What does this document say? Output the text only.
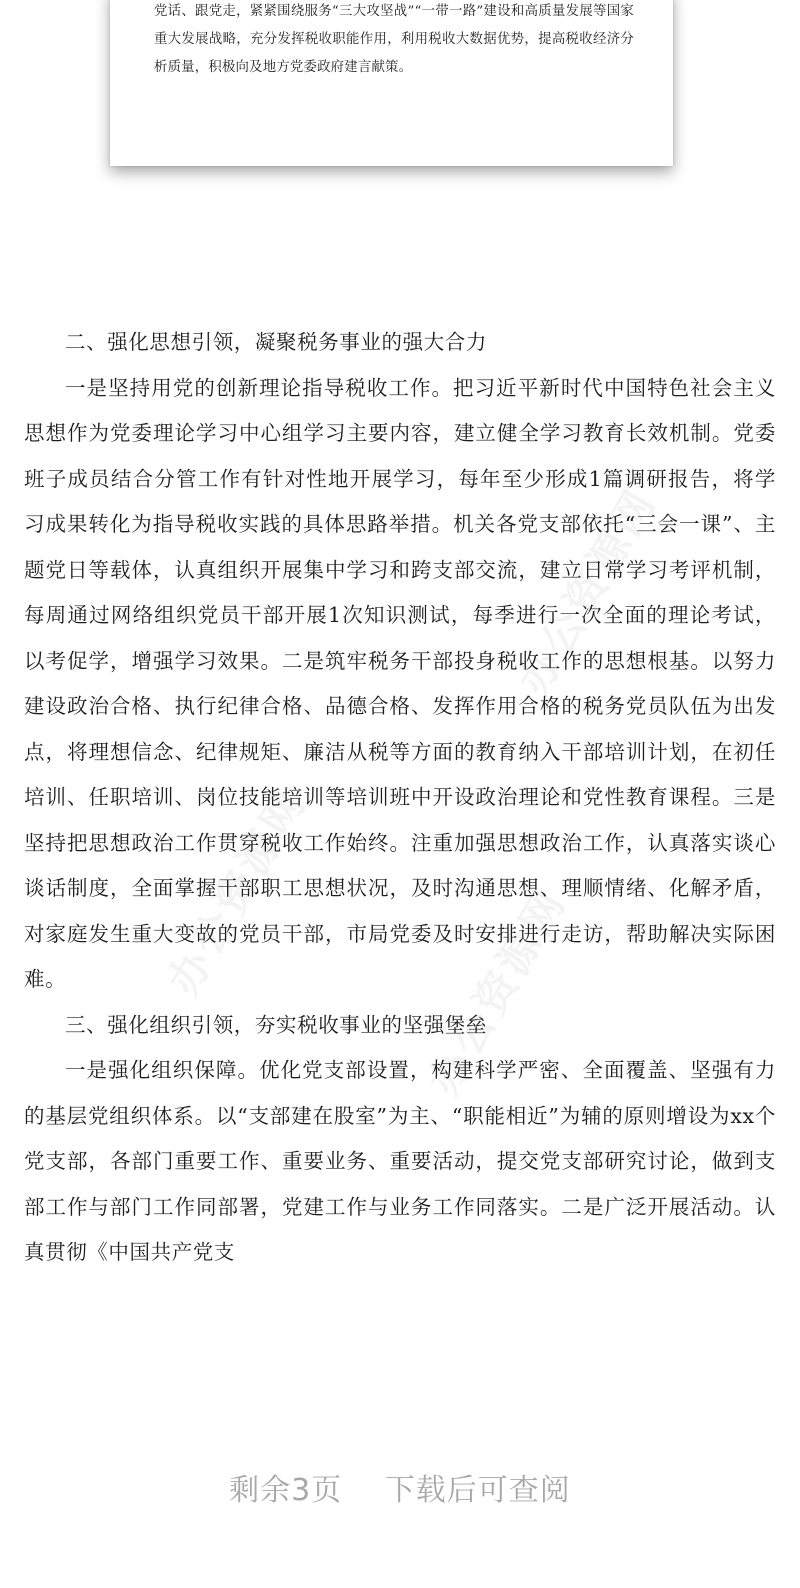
党话、跟党走，紧紧围绕服务“三大攻坚战”“一带一路”建设和高质量发展等国家重大发展战略，充分发挥税收职能作用，利用税收大数据优势，提高税收经济分析质量，积极向及地方党委政府建言献策。
办公资源网
办公资源网 办公资源网

二、强化思想引领，凝聚税务事业的强大合力

一是坚持用党的创新理论指导税收工作。把习近平新时代中国特色社会主义思想作为党委理论学习中心组学习主要内容，建立健全学习教育长效机制。党委班子成员结合分管工作有针对性地开展学习，每年至少形成1篇调研报告，将学习成果转化为指导税收实践的具体思路举措。机关各党支部依托“三会一课”、主题党日等载体，认真组织开展集中学习和跨支部交流，建立日常学习考评机制，每周通过网络组织党员干部开展1次知识测试，每季进行一次全面的理论考试，以考促学，增强学习效果。二是筑牢税务干部投身税收工作的思想根基。以努力建设政治合格、执行纪律合格、品德合格、发挥作用合格的税务党员队伍为出发点，将理想信念、纪律规矩、廉洁从税等方面的教育纳入干部培训计划，在初任培训、任职培训、岗位技能培训等培训班中开设政治理论和党性教育课程。三是坚持把思想政治工作贯穿税收工作始终。注重加强思想政治工作，认真落实谈心谈话制度，全面掌握干部职工思想状况，及时沟通思想、理顺情绪、化解矛盾，对家庭发生重大变故的党员干部，市局党委及时安排进行走访，帮助解决实际困难。

三、强化组织引领，夯实税收事业的坚强堡垒

一是强化组织保障。优化党支部设置，构建科学严密、全面覆盖、坚强有力的基层党组织体系。以“支部建在股室”为主、“职能相近”为辅的原则增设为xx个党支部，各部门重要工作、重要业务、重要活动，提交党支部研究讨论，做到支部工作与部门工作同部署，党建工作与业务工作同落实。二是广泛开展活动。认真贯彻《中国共产党支

剩余3页 下载后可查阅
